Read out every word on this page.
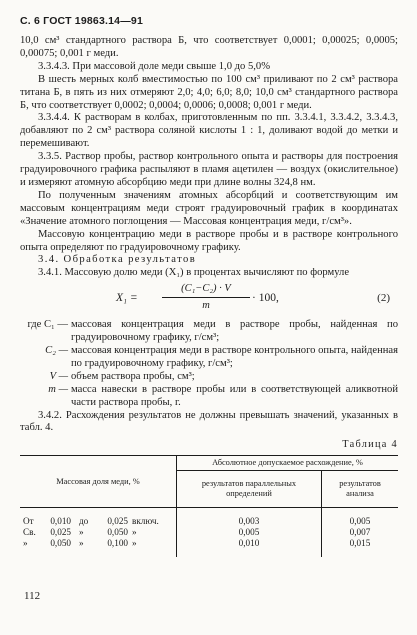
С. 6 ГОСТ 19863.14—91

10,0 см³ стандартного раствора Б, что соответствует 0,0001; 0,00025; 0,0005; 0,00075; 0,001 г меди.

3.3.4.3. При массовой доле меди свыше 1,0 до 5,0%

В шесть мерных колб вместимостью по 100 см³ приливают по 2 см³ раствора титана Б, в пять из них отмеряют 2,0; 4,0; 6,0; 8,0; 10,0 см³ стандартного раствора Б, что соответствует 0,0002; 0,0004; 0,0006; 0,0008; 0,001 г меди.

3.3.4.4. К растворам в колбах, приготовленным по пп. 3.3.4.1, 3.3.4.2, 3.3.4.3, добавляют по 2 см³ раствора соляной кислоты 1 : 1, доливают водой до метки и перемешивают.

3.3.5. Раствор пробы, раствор контрольного опыта и растворы для построения градуировочного графика распыляют в пламя ацетилен — воздух (окислительное) и измеряют атомную абсорбцию меди при длине волны 324,8 нм.

По полученным значениям атомных абсорбций и соответствующим им массовым концентрациям меди строят градуировочный график в координатах «Значение атомного поглощения — Массовая концентрация меди, г/см³».

Массовую концентрацию меди в растворе пробы и в растворе контрольного опыта определяют по градуировочному графику.

3.4. Обработка результатов

3.4.1. Массовую долю меди (X₁) в процентах вычисляют по формуле

$X_1 = \frac{\text{(C₁−C₂) · V}}{m} \cdot 100$,	(2)
где C₁ — массовая концентрация меди в растворе пробы, найденная по градуировочному графику, г/см³;
C₂ — массовая концентрация меди в растворе контрольного опыта, найденная по градуировочному графику, г/см³;
V — объем раствора пробы, см³;
m — масса навески в растворе пробы или в соответствующей аликвотной части раствора пробы, г.

3.4.2. Расхождения результатов не должны превышать значений, указанных в табл. 4.

Таблица 4
Массовая доля меди, %	Абсолютное допускаемое расхождение, %	
	результатов параллельных определений	результатов анализа

От 0,010 до 0,025 включ.	0,003	0,005

Св. 0,025 » 0,050 »	0,005	0,007

» 0,050 » 0,100 »	0,010	0,015
112
